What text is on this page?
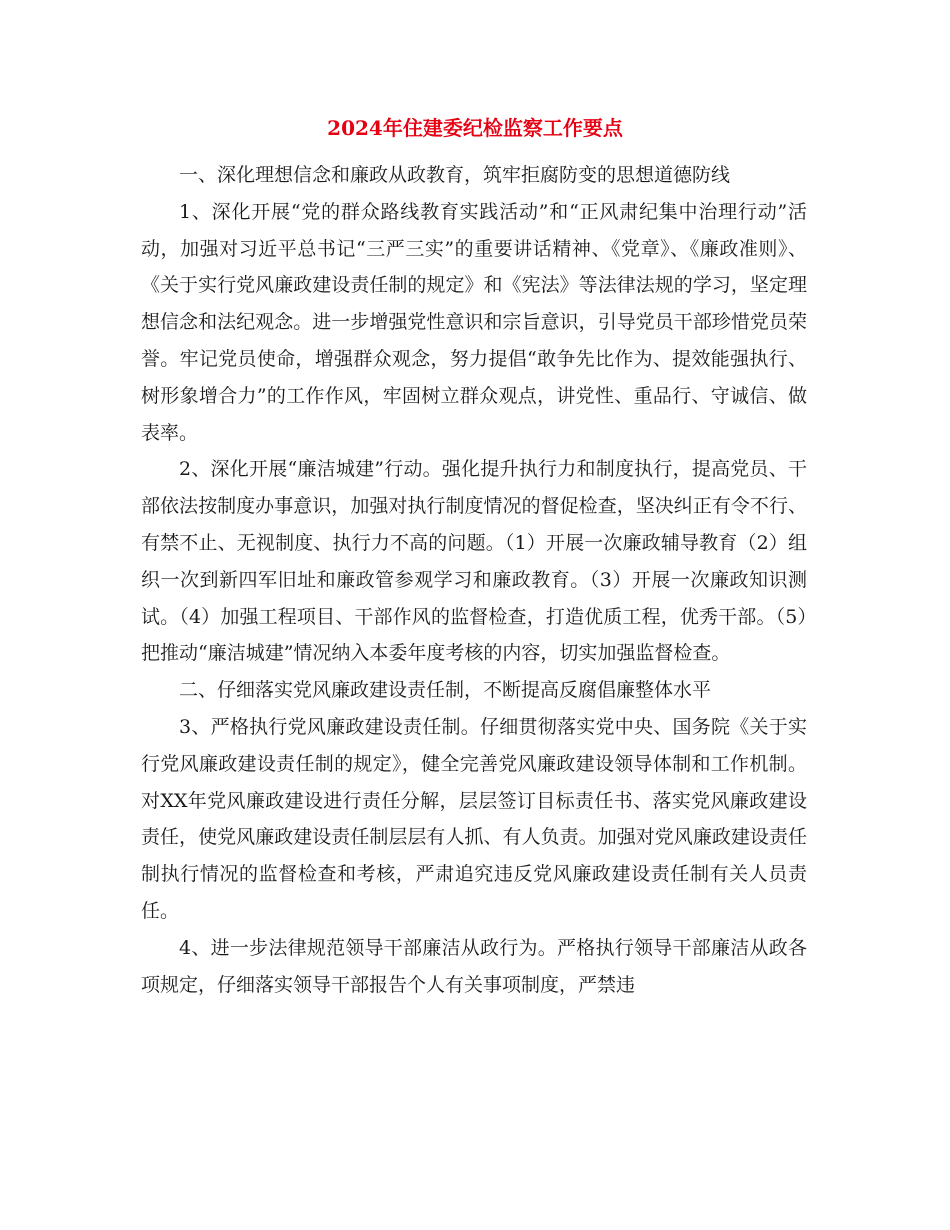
2024年住建委纪检监察工作要点

一、深化理想信念和廉政从政教育，筑牢拒腐防变的思想道德防线

1、深化开展“党的群众路线教育实践活动”和“正风肃纪集中治理行动”活动，加强对习近平总书记“三严三实”的重要讲话精神、《党章》、《廉政准则》、《关于实行党风廉政建设责任制的规定》和《宪法》等法律法规的学习，坚定理想信念和法纪观念。进一步增强党性意识和宗旨意识，引导党员干部珍惜党员荣誉。牢记党员使命，增强群众观念，努力提倡“敢争先比作为、提效能强执行、树形象增合力”的工作作风，牢固树立群众观点，讲党性、重品行、守诚信、做表率。

2、深化开展“廉洁城建”行动。强化提升执行力和制度执行，提高党员、干部依法按制度办事意识，加强对执行制度情况的督促检查，坚决纠正有令不行、有禁不止、无视制度、执行力不高的问题。（1）开展一次廉政辅导教育（2）组织一次到新四军旧址和廉政管参观学习和廉政教育。（3）开展一次廉政知识测试。（4）加强工程项目、干部作风的监督检查，打造优质工程，优秀干部。（5）把推动“廉洁城建”情况纳入本委年度考核的内容，切实加强监督检查。

二、仔细落实党风廉政建设责任制，不断提高反腐倡廉整体水平

3、严格执行党风廉政建设责任制。仔细贯彻落实党中央、国务院《关于实行党风廉政建设责任制的规定》，健全完善党风廉政建设领导体制和工作机制。对XX年党风廉政建设进行责任分解，层层签订目标责任书、落实党风廉政建设责任，使党风廉政建设责任制层层有人抓、有人负责。加强对党风廉政建设责任制执行情况的监督检查和考核，严肃追究违反党风廉政建设责任制有关人员责任。

4、进一步法律规范领导干部廉洁从政行为。严格执行领导干部廉洁从政各项规定，仔细落实领导干部报告个人有关事项制度，严禁违
